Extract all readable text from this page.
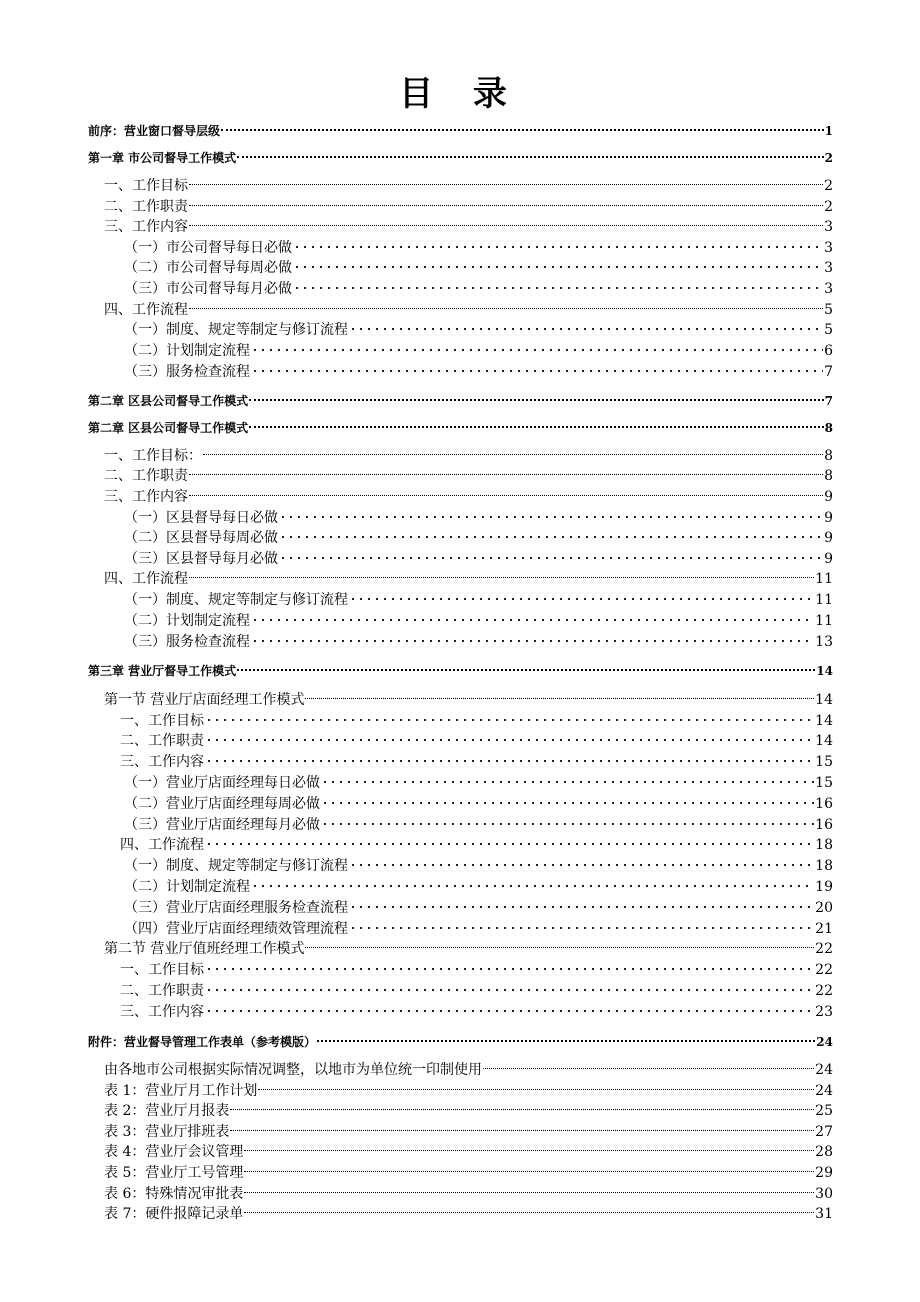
目 录
前序：营业窗口督导层级	1
第一章 市公司督导工作模式	2
一、工作目标	2
二、工作职责	2
三、工作内容	3
（一）市公司督导每日必做	3
（二）市公司督导每周必做	3
（三）市公司督导每月必做	3
四、工作流程	5
（一）制度、规定等制定与修订流程	5
（二）计划制定流程	6
（三）服务检查流程	7
第二章 区县公司督导工作模式	7
第二章 区县公司督导工作模式	8
一、工作目标：	8
二、工作职责	8
三、工作内容	9
（一）区县督导每日必做	9
（二）区县督导每周必做	9
（三）区县督导每月必做	9
四、工作流程	11
（一）制度、规定等制定与修订流程	11
（二）计划制定流程	11
（三）服务检查流程	13
第三章 营业厅督导工作模式	14
第一节 营业厅店面经理工作模式	14
一、工作目标	14
二、工作职责	14
三、工作内容	15
（一）营业厅店面经理每日必做	15
（二）营业厅店面经理每周必做	16
（三）营业厅店面经理每月必做	16
四、工作流程	18
（一）制度、规定等制定与修订流程	18
（二）计划制定流程	19
（三）营业厅店面经理服务检查流程	20
（四）营业厅店面经理绩效管理流程	21
第二节 营业厅值班经理工作模式	22
一、工作目标	22
二、工作职责	22
三、工作内容	23
附件：营业督导管理工作表单（参考模版）	24
由各地市公司根据实际情况调整，以地市为单位统一印制使用	24
表 1：营业厅月工作计划	24
表 2：营业厅月报表	25
表 3：营业厅排班表	27
表 4：营业厅会议管理	28
表 5：营业厅工号管理	29
表 6：特殊情况审批表	30
表 7：硬件报障记录单	31
